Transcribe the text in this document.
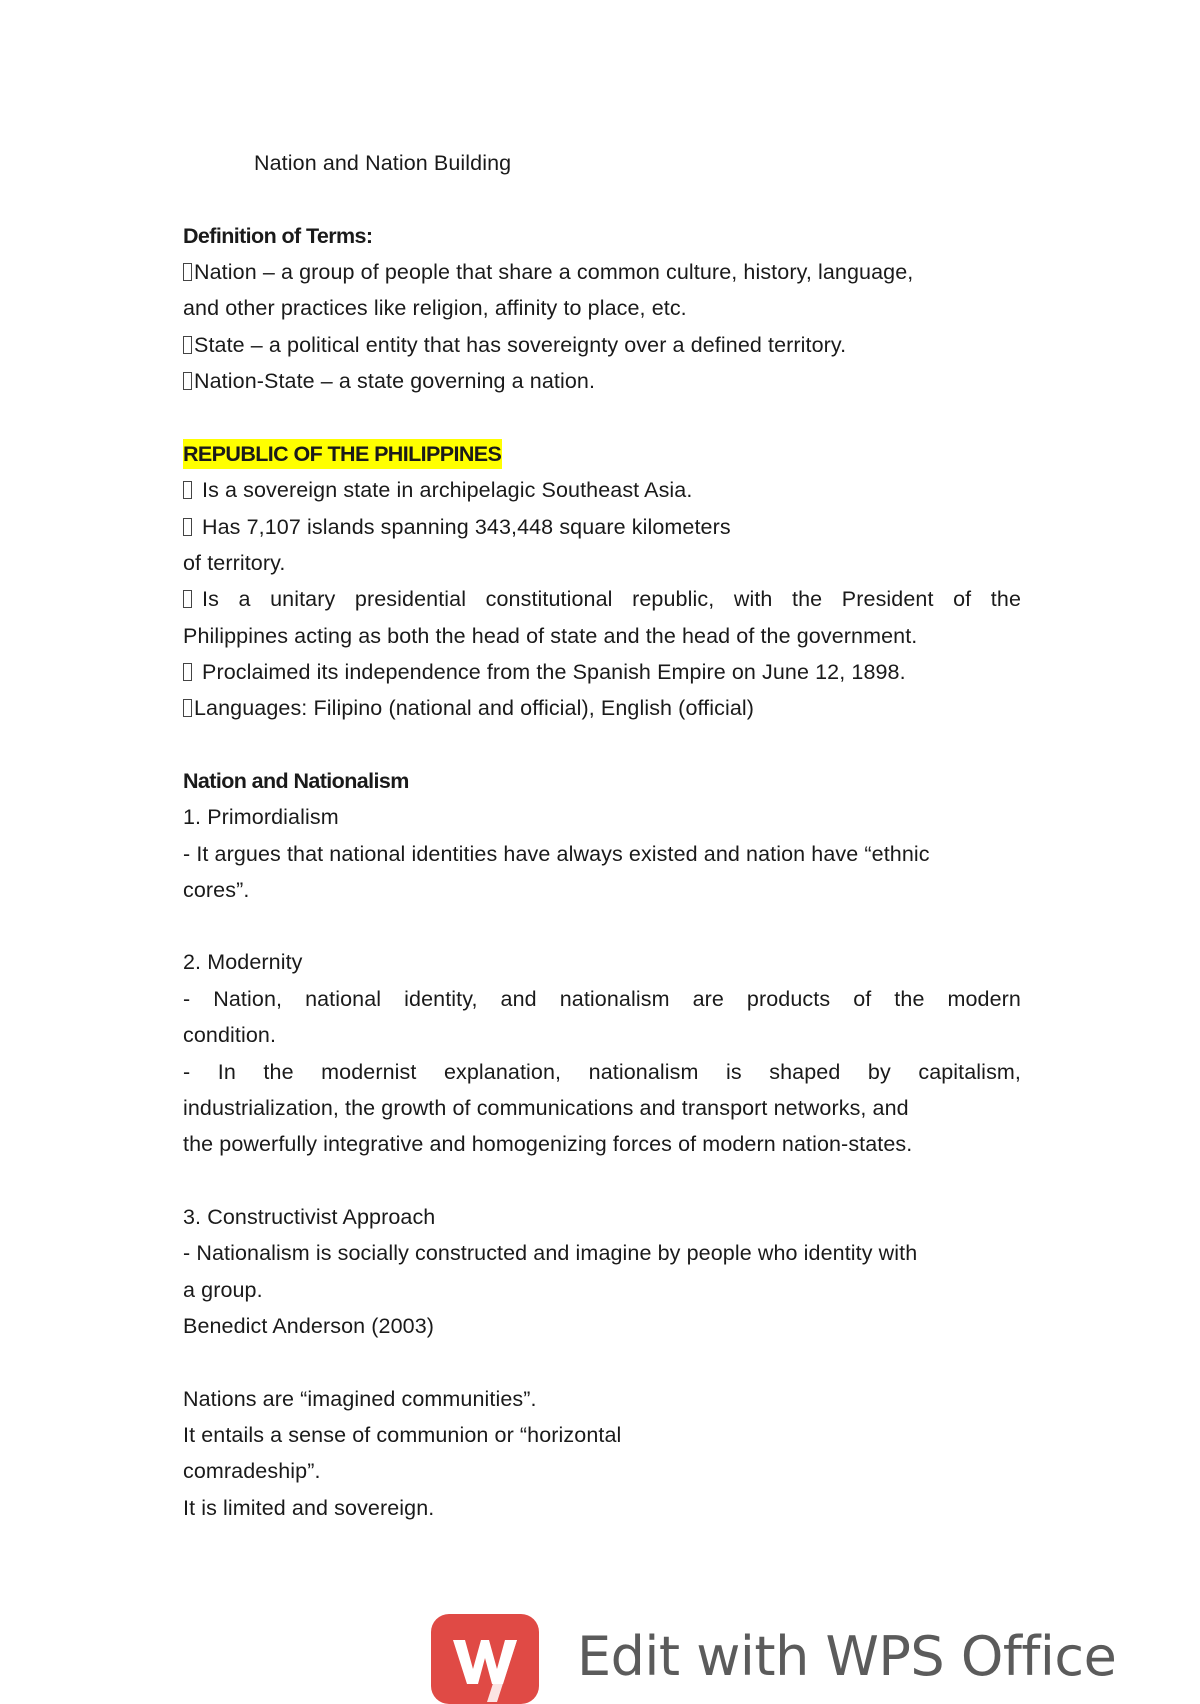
Nation and Nation Building
Definition of Terms:
Nation – a group of people that share a common culture, history, language,
and other practices like religion, affinity to place, etc.
State – a political entity that has sovereignty over a defined territory.
Nation-State – a state governing a nation.
REPUBLIC OF THE PHILIPPINES
Is a sovereign state in archipelagic Southeast Asia.
Has 7,107 islands spanning 343,448 square kilometers
of territory.
Is a unitary presidential constitutional republic, with the President of the
Philippines acting as both the head of state and the head of the government.
Proclaimed its independence from the Spanish Empire on June 12, 1898.
Languages: Filipino (national and official), English (official)
Nation and Nationalism
1. Primordialism
- It argues that national identities have always existed and nation have “ethnic
cores”.
2. Modernity
- Nation, national identity, and nationalism are products of the modern
condition.
- In the modernist explanation, nationalism is shaped by capitalism,
industrialization, the growth of communications and transport networks, and
the powerfully integrative and homogenizing forces of modern nation-states.
3. Constructivist Approach
- Nationalism is socially constructed and imagine by people who identity with
a group.
Benedict Anderson (2003)
Nations are “imagined communities”.
It entails a sense of communion or “horizontal
comradeship”.
It is limited and sovereign.
Edit with WPS Office
